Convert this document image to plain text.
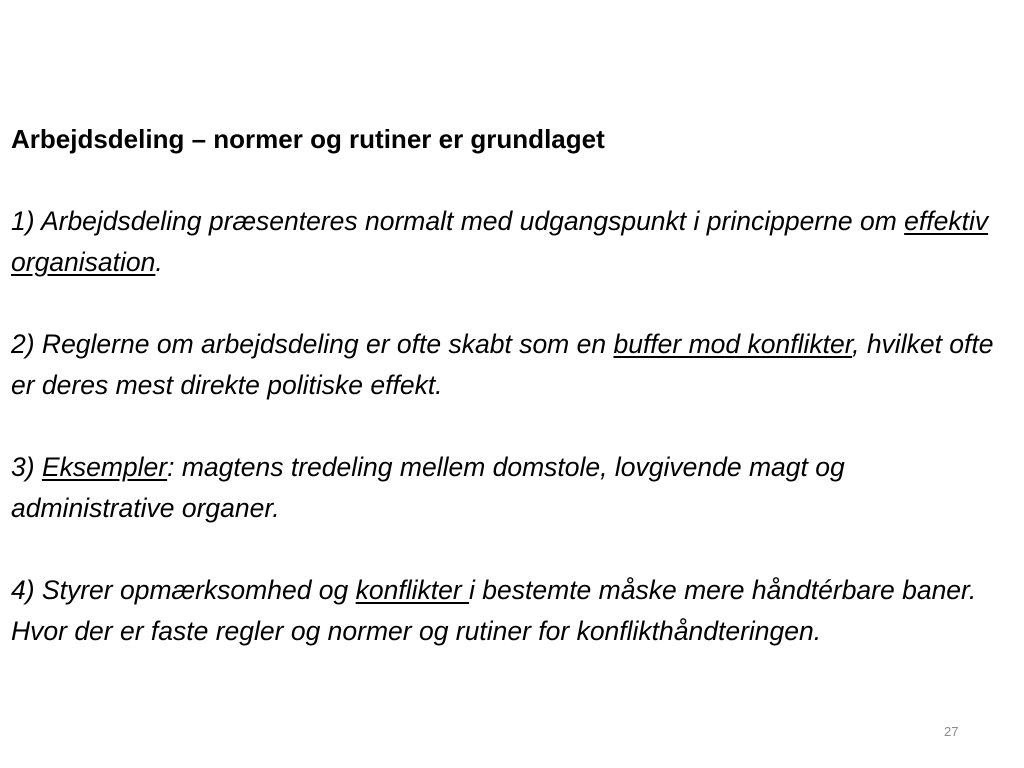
Arbejdsdeling – normer og rutiner er grundlaget

1) Arbejdsdeling præsenteres normalt med udgangspunkt i principperne om effektiv organisation.

2) Reglerne om arbejdsdeling er ofte skabt som en buffer mod konflikter, hvilket ofte er deres mest direkte politiske effekt.

3) Eksempler: magtens tredeling mellem domstole, lovgivende magt og administrative organer.

4) Styrer opmærksomhed og konflikter i bestemte måske mere håndtérbare baner. Hvor der er faste regler og normer og rutiner for konflikthåndteringen.

27
